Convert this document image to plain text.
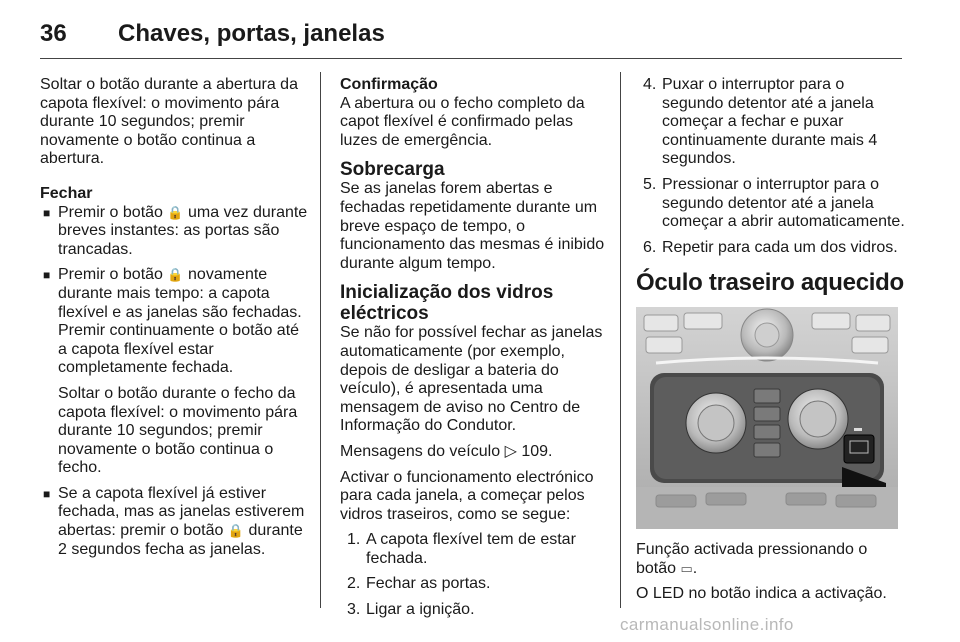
36 Chaves, portas, janelas

Soltar o botão durante a abertura da capota flexível: o movimento pára durante 10 segundos; premir novamente o botão continua a abertura.

Fechar

■ Premir o botão 🔒 uma vez durante breves instantes: as portas são trancadas.
■ Premir o botão 🔒 novamente durante mais tempo: a capota flexível e as janelas são fechadas. Premir continuamente o botão até a capota flexível estar completamente fechada.

Soltar o botão durante o fecho da capota flexível: o movimento pára durante 10 segundos; premir novamente o botão continua o fecho.

■ Se a capota flexível já estiver fechada, mas as janelas estiverem abertas: premir o botão 🔒 durante 2 segundos fecha as janelas.

Confirmação

A abertura ou o fecho completo da capot flexível é confirmado pelas luzes de emergência.

Sobrecarga

Se as janelas forem abertas e fechadas repetidamente durante um breve espaço de tempo, o funcionamento das mesmas é inibido durante algum tempo.

Inicialização dos vidros eléctricos

Se não for possível fechar as janelas automaticamente (por exemplo, depois de desligar a bateria do veículo), é apresentada uma mensagem de aviso no Centro de Informação do Condutor.

Mensagens do veículo ▷ 109.

Activar o funcionamento electrónico para cada janela, a começar pelos vidros traseiros, como se segue:

1. A capota flexível tem de estar fechada.
2. Fechar as portas.
3. Ligar a ignição.
4. Puxar o interruptor para o segundo detentor até a janela começar a fechar e puxar continuamente durante mais 4 segundos.
5. Pressionar o interruptor para o segundo detentor até a janela começar a abrir automaticamente.
6. Repetir para cada um dos vidros.

Óculo traseiro aquecido

Função activada pressionando o botão ▭.

O LED no botão indica a activação.

carmanualsonline.info
